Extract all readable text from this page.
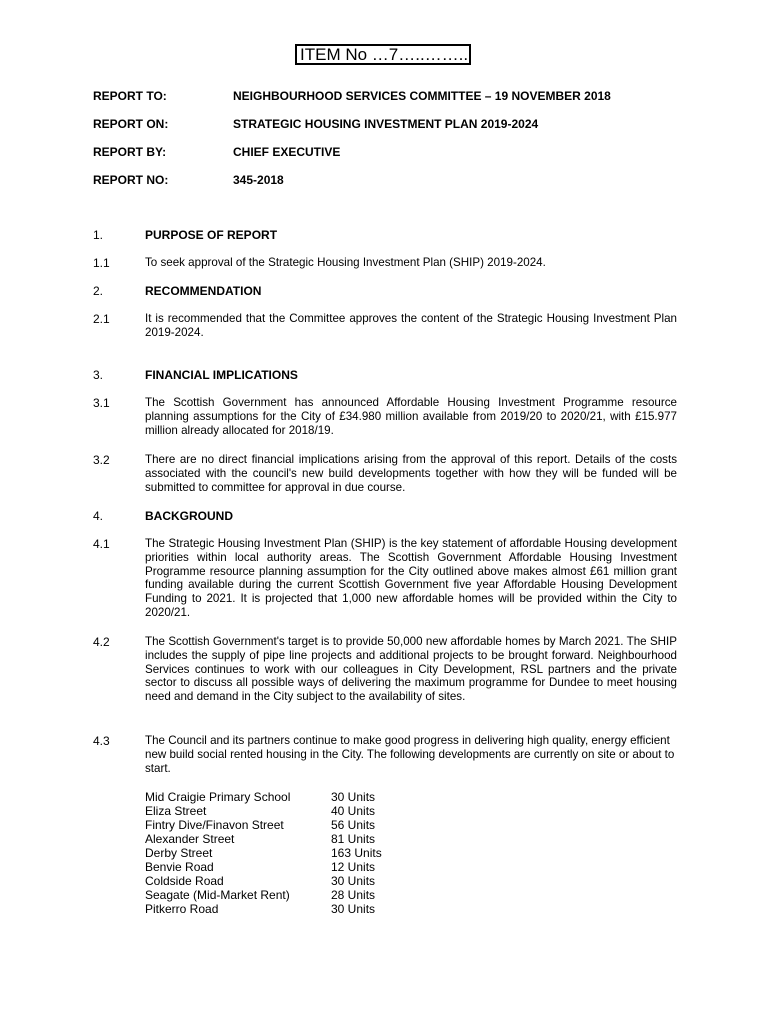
ITEM No …7…..……..
REPORT TO:	NEIGHBOURHOOD SERVICES COMMITTEE – 19 NOVEMBER 2018
REPORT ON:	STRATEGIC HOUSING INVESTMENT PLAN 2019-2024
REPORT BY:	CHIEF EXECUTIVE
REPORT NO:	345-2018
1.	PURPOSE OF REPORT
1.1	To seek approval of the Strategic Housing Investment Plan (SHIP) 2019-2024.
2.	RECOMMENDATION
2.1	It is recommended that the Committee approves the content of the Strategic Housing Investment Plan 2019-2024.
3.	FINANCIAL IMPLICATIONS
3.1	The Scottish Government has announced Affordable Housing Investment Programme resource planning assumptions for the City of £34.980 million available from 2019/20 to 2020/21, with £15.977 million already allocated for 2018/19.
3.2	There are no direct financial implications arising from the approval of this report. Details of the costs associated with the council's new build developments together with how they will be funded will be submitted to committee for approval in due course.
4.	BACKGROUND
4.1	The Strategic Housing Investment Plan (SHIP) is the key statement of affordable Housing development priorities within local authority areas. The Scottish Government Affordable Housing Investment Programme resource planning assumption for the City outlined above makes almost £61 million grant funding available during the current Scottish Government five year Affordable Housing Development Funding to 2021. It is projected that 1,000 new affordable homes will be provided within the City to 2020/21.
4.2	The Scottish Government's target is to provide 50,000 new affordable homes by March 2021. The SHIP includes the supply of pipe line projects and additional projects to be brought forward. Neighbourhood Services continues to work with our colleagues in City Development, RSL partners and the private sector to discuss all possible ways of delivering the maximum programme for Dundee to meet housing need and demand in the City subject to the availability of sites.
4.3	The Council and its partners continue to make good progress in delivering high quality, energy efficient new build social rented housing in the City. The following developments are currently on site or about to start.
Mid Craigie Primary School	30 Units
Eliza Street	40 Units
Fintry Dive/Finavon Street	56 Units
Alexander Street	81 Units
Derby Street	163 Units
Benvie Road	12 Units
Coldside Road	30 Units
Seagate (Mid-Market Rent)	28 Units
Pitkerro Road	30 Units
